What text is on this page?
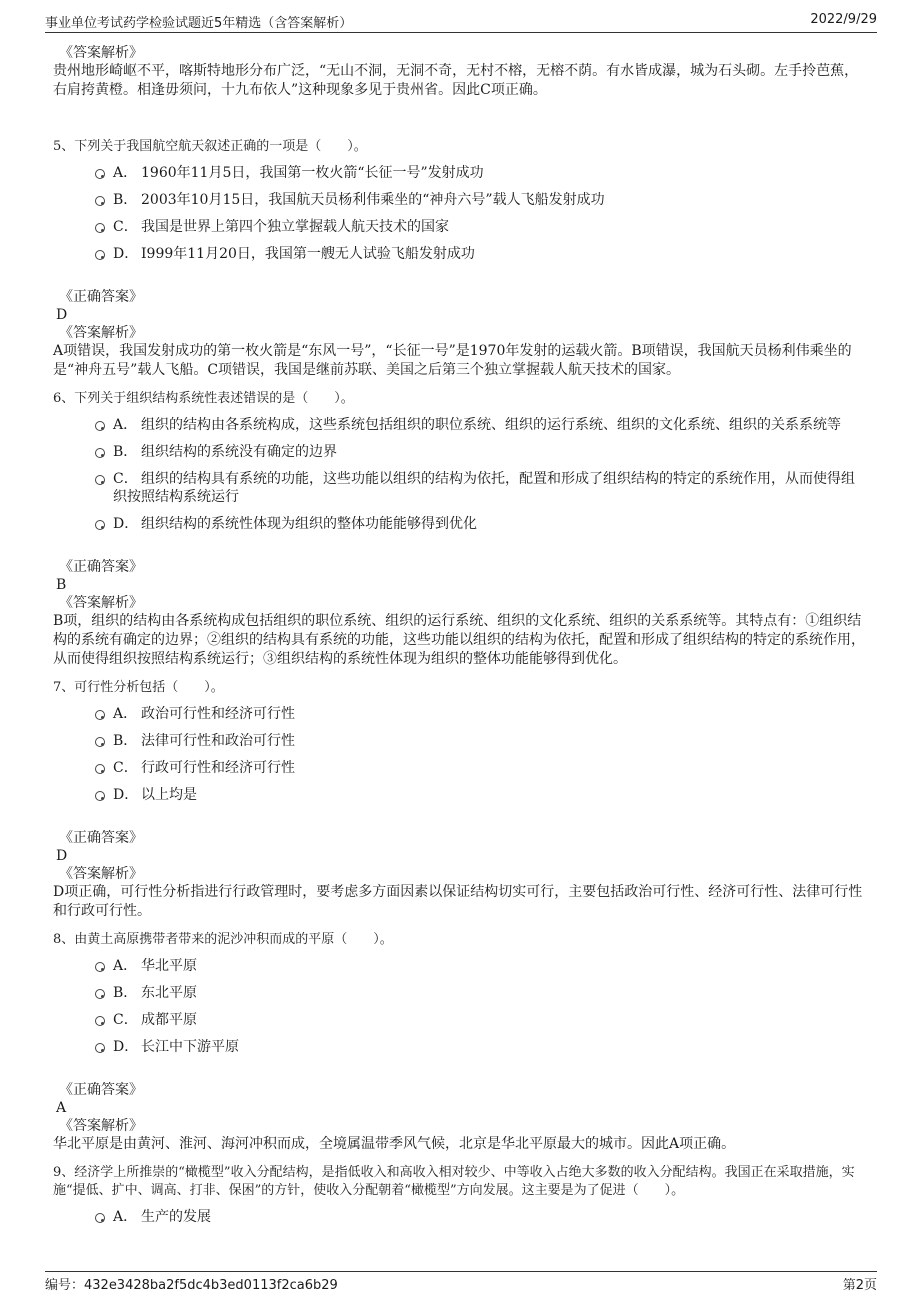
事业单位考试药学检验试题近5年精选（含答案解析）	2022/9/29
《答案解析》
贵州地形崎岖不平，喀斯特地形分布广泛，“无山不洞，无洞不奇，无村不榕，无榕不荫。有水皆成瀑，城为石头砌。左手拎芭蕉，右肩挎黄橙。相逢毋须问，十九布依人”这种现象多见于贵州省。因此C项正确。
5、下列关于我国航空航天叙述正确的一项是（　　）。
A． 1960年11月5日，我国第一枚火箭“长征一号”发射成功
B． 2003年10月15日，我国航天员杨利伟乘坐的“神舟六号”载人飞船发射成功
C． 我国是世界上第四个独立掌握载人航天技术的国家
D． I999年11月20日，我国第一艘无人试验飞船发射成功
《正确答案》
D
《答案解析》
A项错误，我国发射成功的第一枚火箭是“东风一号”，“长征一号”是1970年发射的运载火箭。B项错误，我国航天员杨利伟乘坐的是“神舟五号”载人飞船。C项错误，我国是继前苏联、美国之后第三个独立掌握载人航天技术的国家。
6、下列关于组织结构系统性表述错误的是（　　）。
A． 组织的结构由各系统构成，这些系统包括组织的职位系统、组织的运行系统、组织的文化系统、组织的关系系统等
B． 组织结构的系统没有确定的边界
C． 组织的结构具有系统的功能，这些功能以组织的结构为依托，配置和形成了组织结构的特定的系统作用，从而使得组织按照结构系统运行
D． 组织结构的系统性体现为组织的整体功能能够得到优化
《正确答案》
B
《答案解析》
B项，组织的结构由各系统构成包括组织的职位系统、组织的运行系统、组织的文化系统、组织的关系系统等。其特点有：①组织结构的系统有确定的边界；②组织的结构具有系统的功能，这些功能以组织的结构为依托，配置和形成了组织结构的特定的系统作用，从而使得组织按照结构系统运行；③组织结构的系统性体现为组织的整体功能能够得到优化。
7、可行性分析包括（　　）。
A． 政治可行性和经济可行性
B． 法律可行性和政治可行性
C． 行政可行性和经济可行性
D． 以上均是
《正确答案》
D
《答案解析》
D项正确，可行性分析指进行行政管理时，要考虑多方面因素以保证结构切实可行，主要包括政治可行性、经济可行性、法律可行性和行政可行性。
8、由黄土高原携带者带来的泥沙冲积而成的平原（　　）。
A． 华北平原
B． 东北平原
C． 成都平原
D． 长江中下游平原
《正确答案》
A
《答案解析》
华北平原是由黄河、淮河、海河冲积而成，全境属温带季风气候，北京是华北平原最大的城市。因此A项正确。
9、经济学上所推崇的“橄榄型”收入分配结构，是指低收入和高收入相对较少、中等收入占绝大多数的收入分配结构。我国正在采取措施，实施“提低、扩中、调高、打非、保困”的方针，使收入分配朝着“橄榄型”方向发展。这主要是为了促进（　　）。
A． 生产的发展
编号：432e3428ba2f5dc4b3ed0113f2ca6b29	第2页
